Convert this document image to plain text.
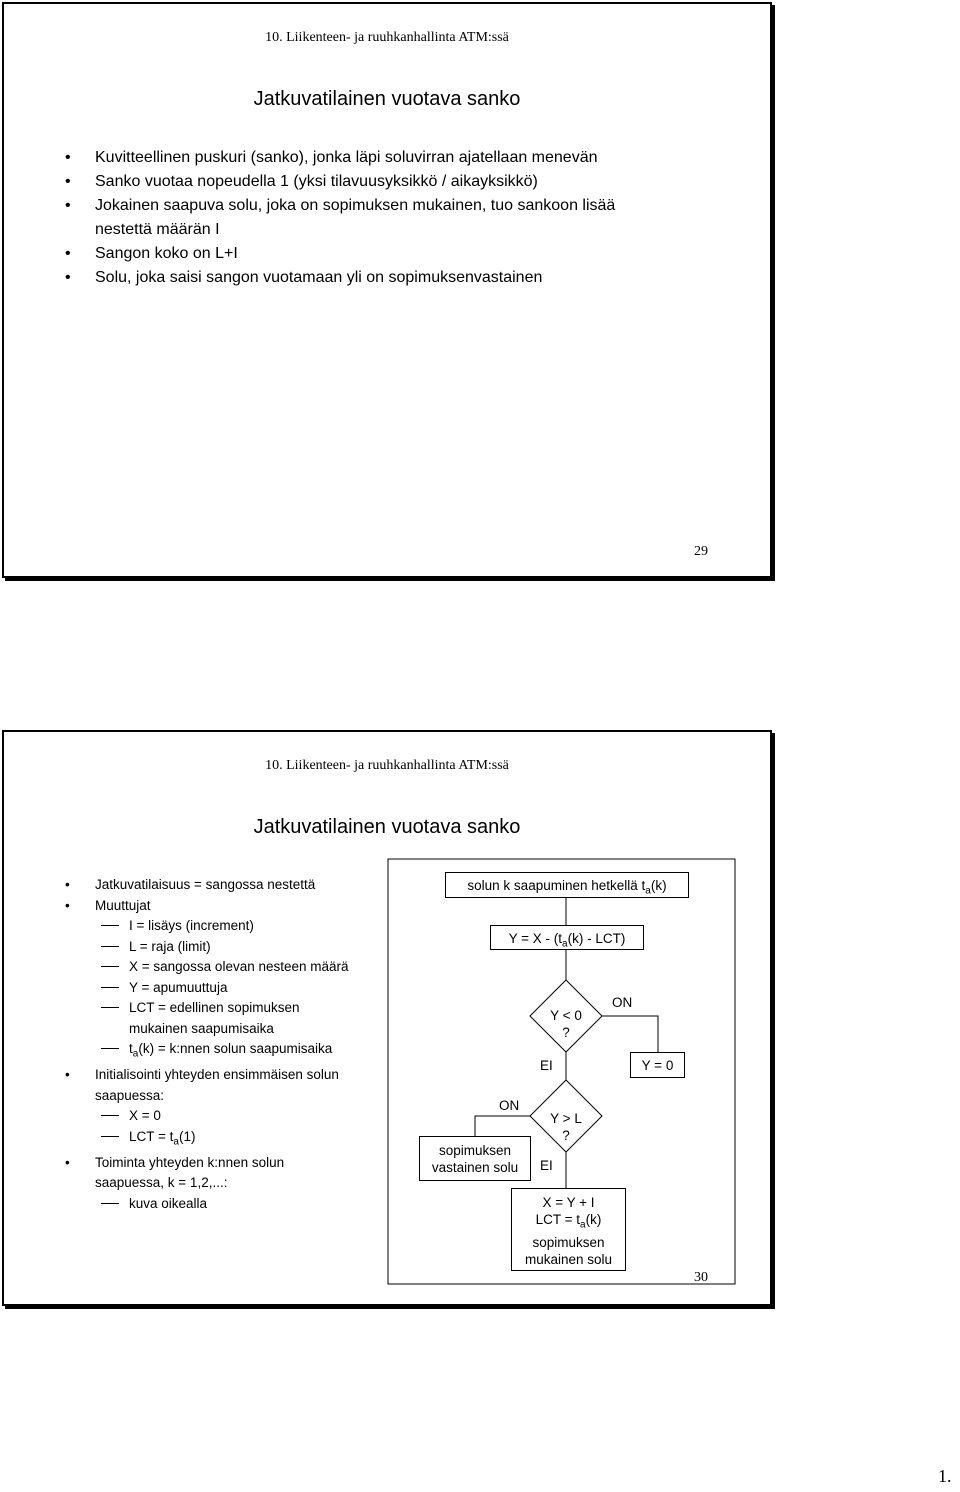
10. Liikenteen- ja ruuhkanhallinta ATM:ssä
Jatkuvatilainen vuotava sanko
29
• Kuvitteellinen puskuri (sanko), jonka läpi soluvirran ajatellaan menevän
• Sanko vuotaa nopeudella 1 (yksi tilavuusyksikkö / aikayksikkö)
• Jokainen saapuva solu, joka on sopimuksen mukainen, tuo sankoon lisää nestettä määrän I
• Sangon koko on L+I
• Solu, joka saisi sangon vuotamaan yli on sopimuksenvastainen
10. Liikenteen- ja ruuhkanhallinta ATM:ssä
Jatkuvatilainen vuotava sanko
30
• Jatkuvatilaisuus = sangossa nestettä
• Muuttujat
I = lisäys (increment)
L = raja (limit)
X = sangossa olevan nesteen määrä
Y = apumuuttuja
LCT = edellinen sopimuksen mukainen saapumisaika
$t_a(k)$ = k:nnen solun saapumisaika
• Initialisointi yhteyden ensimmäisen solun saapuessa:
X = 0
LCT = $t_a(1)$
• Toiminta yhteyden k:nnen solun saapuessa, k = 1,2,...:
kuva oikealla
solun k saapuminen hetkellä $t_a(k)$
$Y = X - (t_a(k) - LCT)$
Y < 0
?
Y > L
?
ON
EI
ON
EI
Y = 0
sopimuksen
vastainen solu
X = Y + I
LCT = $t_a(k)$
sopimuksen
mukainen solu
1.
